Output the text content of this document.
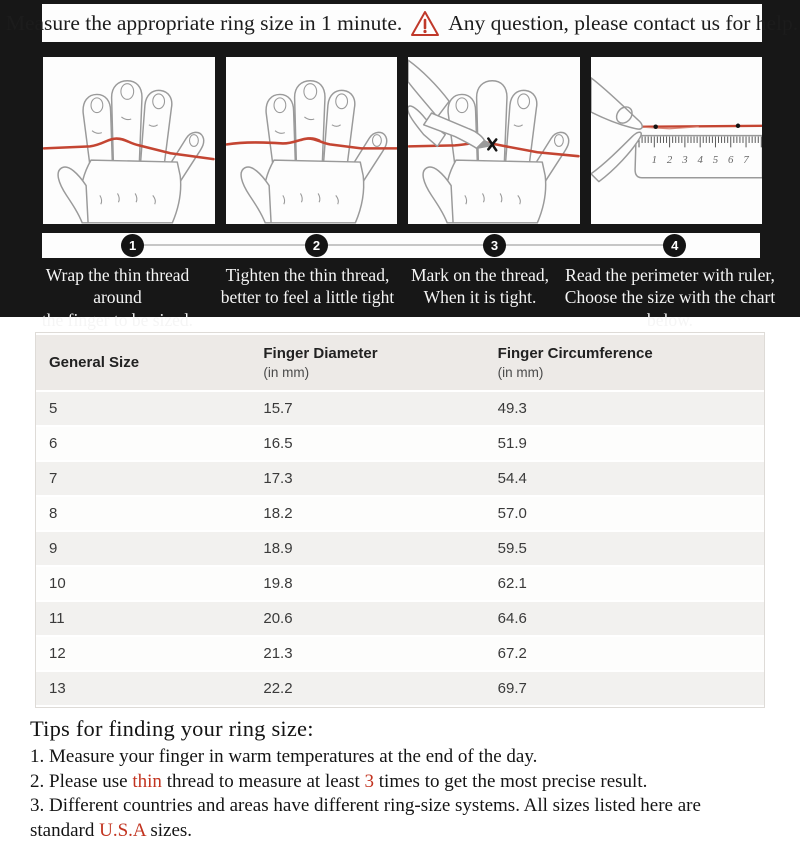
Measure the appropriate ring size in 1 minute. Any question, please contact us for help.
1 2 3 4 5 6 7
1	2	3	4
Wrap the thin thread around
the finger to be sized.
Tighten the thin thread,
better to feel a little tight
Mark on the thread,
When it is tight.
Read the perimeter with ruler,
Choose the size with the chart below.
General Size

Finger Diameter
(in mm)

Finger Circumference
(in mm)

5	15.7	49.3
6	16.5	51.9
7	17.3	54.4
8	18.2	57.0
9	18.9	59.5
10	19.8	62.1
11	20.6	64.6
12	21.3	67.2
13	22.2	69.7
Tips for finding your ring size:

1. Measure your finger in warm temperatures at the end of the day.

2. Please use thin thread to measure at least 3 times to get the most precise result.

3. Different countries and areas have different ring-size systems. All sizes listed here are standard U.S.A sizes.
